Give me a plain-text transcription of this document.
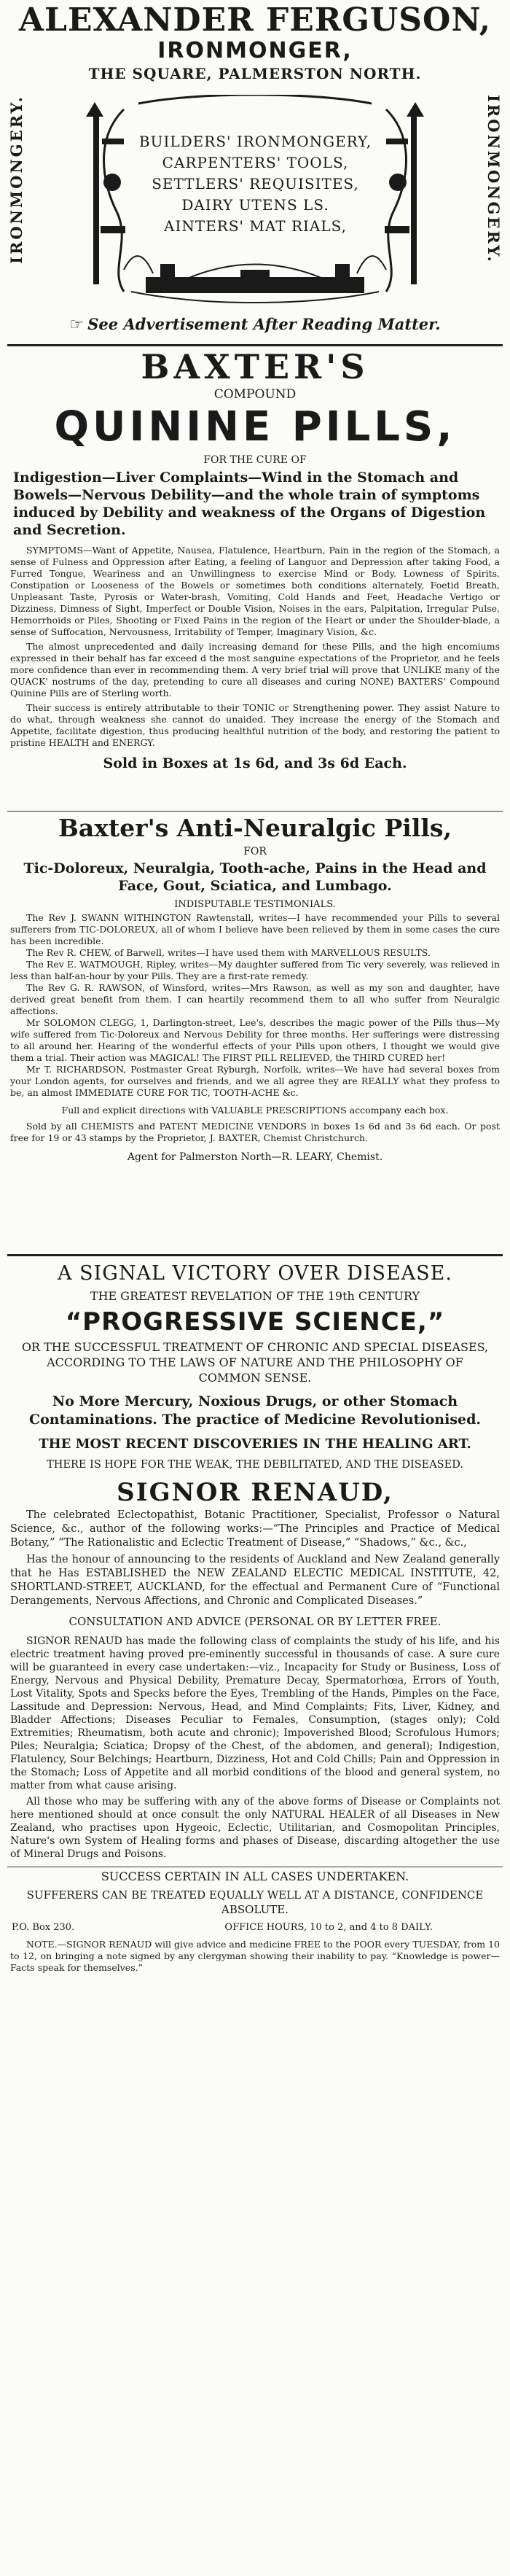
ALEXANDER FERGUSON,
IRONMONGER,
THE SQUARE, PALMERSTON NORTH.
IRONMONGERY.	IRONMONGERY.
BUILDERS' IRONMONGERY,
CARPENTERS' TOOLS,
SETTLERS' REQUISITES,
DAIRY UTENS LS.
AINTERS' MAT RIALS,
☞ See Advertisement After Reading Matter.
BAXTER'S
COMPOUND
QUININE PILLS,
FOR THE CURE OF
Indigestion—Liver Complaints—Wind in the Stomach and Bowels—Nervous Debility—and the whole train of symptoms induced by Debility and weakness of the Organs of Digestion and Secretion.
SYMPTOMS—Want of Appetite, Nausea, Flatulence, Heartburn, Pain in the region of the Stomach, a sense of Fulness and Oppression after Eating, a feeling of Languor and Depression after taking Food, a Furred Tongue, Weariness and an Unwillingness to exercise Mind or Body. Lowness of Spirits, Constipation or Looseness of the Bowels or sometimes both conditions alternately, Foetid Breath, Unpleasant Taste, Pyrosis or Water-brash, Vomiting, Cold Hands and Feet, Headache Vertigo or Dizziness, Dimness of Sight, Imperfect or Double Vision, Noises in the ears, Palpitation, Irregular Pulse, Hemorrhoids or Piles, Shooting or Fixed Pains in the region of the Heart or under the Shoulder-blade, a sense of Suffocation, Nervousness, Irritability of Temper, Imaginary Vision, &c.
The almost unprecedented and daily increasing demand for these Pills, and the high encomiums expressed in their behalf has far exceed d the most sanguine expectations of the Proprietor, and he feels more confidence than ever in recommending them. A very brief trial will prove that UNLIKE many of the QUACK' nostrums of the day, pretending to cure all diseases and curing NONE) BAXTERS' Compound Quinine Pills are of Sterling worth.
Their success is entirely attributable to their TONIC or Strengthening power. They assist Nature to do what, through weakness she cannot do unaided. They increase the energy of the Stomach and Appetite, facilitate digestion, thus producing healthful nutrition of the body, and restoring the patient to pristine HEALTH and ENERGY.
Sold in Boxes at 1s 6d, and 3s 6d Each.
Baxter's Anti-Neuralgic Pills,
FOR
Tic-Doloreux, Neuralgia, Tooth-ache, Pains in the Head and Face, Gout, Sciatica, and Lumbago.
INDISPUTABLE TESTIMONIALS.
The Rev J. SWANN WITHINGTON Rawtenstall, writes—I have recommended your Pills to several sufferers from TIC-DOLOREUX, all of whom I believe have been relieved by them in some cases the cure has been incredible.
The Rev R. CHEW, of Barwell, writes—I have used them with MARVELLOUS RESULTS.
The Rev E. WATMOUGH, Ripley, writes—My daughter suffered from Tic very severely, was relieved in less than half-an-hour by your Pills. They are a first-rate remedy.
The Rev G. R. RAWSON, of Winsford, writes—Mrs Rawson, as well as my son and daughter, have derived great benefit from them. I can heartily recommend them to all who suffer from Neuralgic affections.
Mr SOLOMON CLEGG, 1, Darlington-street, Lee's, describes the magic power of the Pills thus—My wife suffered from Tic-Doloreux and Nervous Debility for three months. Her sufferings were distressing to all around her. Hearing of the wonderful effects of your Pills upon others, I thought we would give them a trial. Their action was MAGICAL! The FIRST PILL RELIEVED, the THIRD CURED her!
Mr T. RICHARDSON, Postmaster Great Ryburgh, Norfolk, writes—We have had several boxes from your London agents, for ourselves and friends, and we all agree they are REALLY what they profess to be, an almost IMMEDIATE CURE FOR TIC, TOOTH-ACHE &c.
Full and explicit directions with VALUABLE PRESCRIPTIONS accompany each box.
Sold by all CHEMISTS and PATENT MEDICINE VENDORS in boxes 1s 6d and 3s 6d each. Or post free for 19 or 43 stamps by the Proprietor, J. BAXTER, Chemist Christchurch.
Agent for Palmerston North—R. LEARY, Chemist.
A SIGNAL VICTORY OVER DISEASE.
THE GREATEST REVELATION OF THE 19th CENTURY
“PROGRESSIVE SCIENCE,”
OR THE SUCCESSFUL TREATMENT OF CHRONIC AND SPECIAL DISEASES, ACCORDING TO THE LAWS OF NATURE AND THE PHILOSOPHY OF COMMON SENSE.
No More Mercury, Noxious Drugs, or other Stomach Contaminations. The practice of Medicine Revolutionised.
THE MOST RECENT DISCOVERIES IN THE HEALING ART.
THERE IS HOPE FOR THE WEAK, THE DEBILITATED, AND THE DISEASED.
SIGNOR RENAUD,
The celebrated Eclectopathist, Botanic Practitioner, Specialist, Professor o Natural Science, &c., author of the following works:—“The Principles and Practice of Medical Botany,” “The Rationalistic and Eclectic Treatment of Disease,” “Shadows,” &c., &c.,
Has the honour of announcing to the residents of Auckland and New Zealand generally that he Has ESTABLISHED the NEW ZEALAND ELECTIC MEDICAL INSTITUTE, 42, SHORTLAND-STREET, AUCKLAND, for the effectual and Permanent Cure of “Functional Derangements, Nervous Affections, and Chronic and Complicated Diseases.”
CONSULTATION AND ADVICE (PERSONAL OR BY LETTER FREE.
SIGNOR RENAUD has made the following class of complaints the study of his life, and his electric treatment having proved pre-eminently successful in thousands of case. A sure cure will be guaranteed in every case undertaken:—viz., Incapacity for Study or Business, Loss of Energy, Nervous and Physical Debility, Premature Decay, Spermatorhœa, Errors of Youth, Lost Vitality, Spots and Specks before the Eyes, Trembling of the Hands, Pimples on the Face, Lassitude and Depression: Nervous, Head, and Mind Complaints; Fits, Liver, Kidney, and Bladder Affections; Diseases Peculiar to Females, Consumption, (stages only); Cold Extremities; Rheumatism, both acute and chronic); Impoverished Blood; Scrofulous Humors; Piles; Neuralgia; Sciatica; Dropsy of the Chest, of the abdomen, and general); Indigestion, Flatulency, Sour Belchings; Heartburn, Dizziness, Hot and Cold Chills; Pain and Oppression in the Stomach; Loss of Appetite and all morbid conditions of the blood and general system, no matter from what cause arising.
All those who may be suffering with any of the above forms of Disease or Complaints not here mentioned should at once consult the only NATURAL HEALER of all Diseases in New Zealand, who practises upon Hygeoic, Eclectic, Utilitarian, and Cosmopolitan Principles, Nature's own System of Healing forms and phases of Disease, discarding altogether the use of Mineral Drugs and Poisons.
SUCCESS CERTAIN IN ALL CASES UNDERTAKEN.
SUFFERERS CAN BE TREATED EQUALLY WELL AT A DISTANCE, CONFIDENCE ABSOLUTE.
P.O. Box 230.	OFFICE HOURS, 10 to 2, and 4 to 8 DAILY.
NOTE.—SIGNOR RENAUD will give advice and medicine FREE to the POOR every TUESDAY, from 10 to 12, on bringing a note signed by any clergyman showing their inability to pay. “Knowledge is power—Facts speak for themselves.”
